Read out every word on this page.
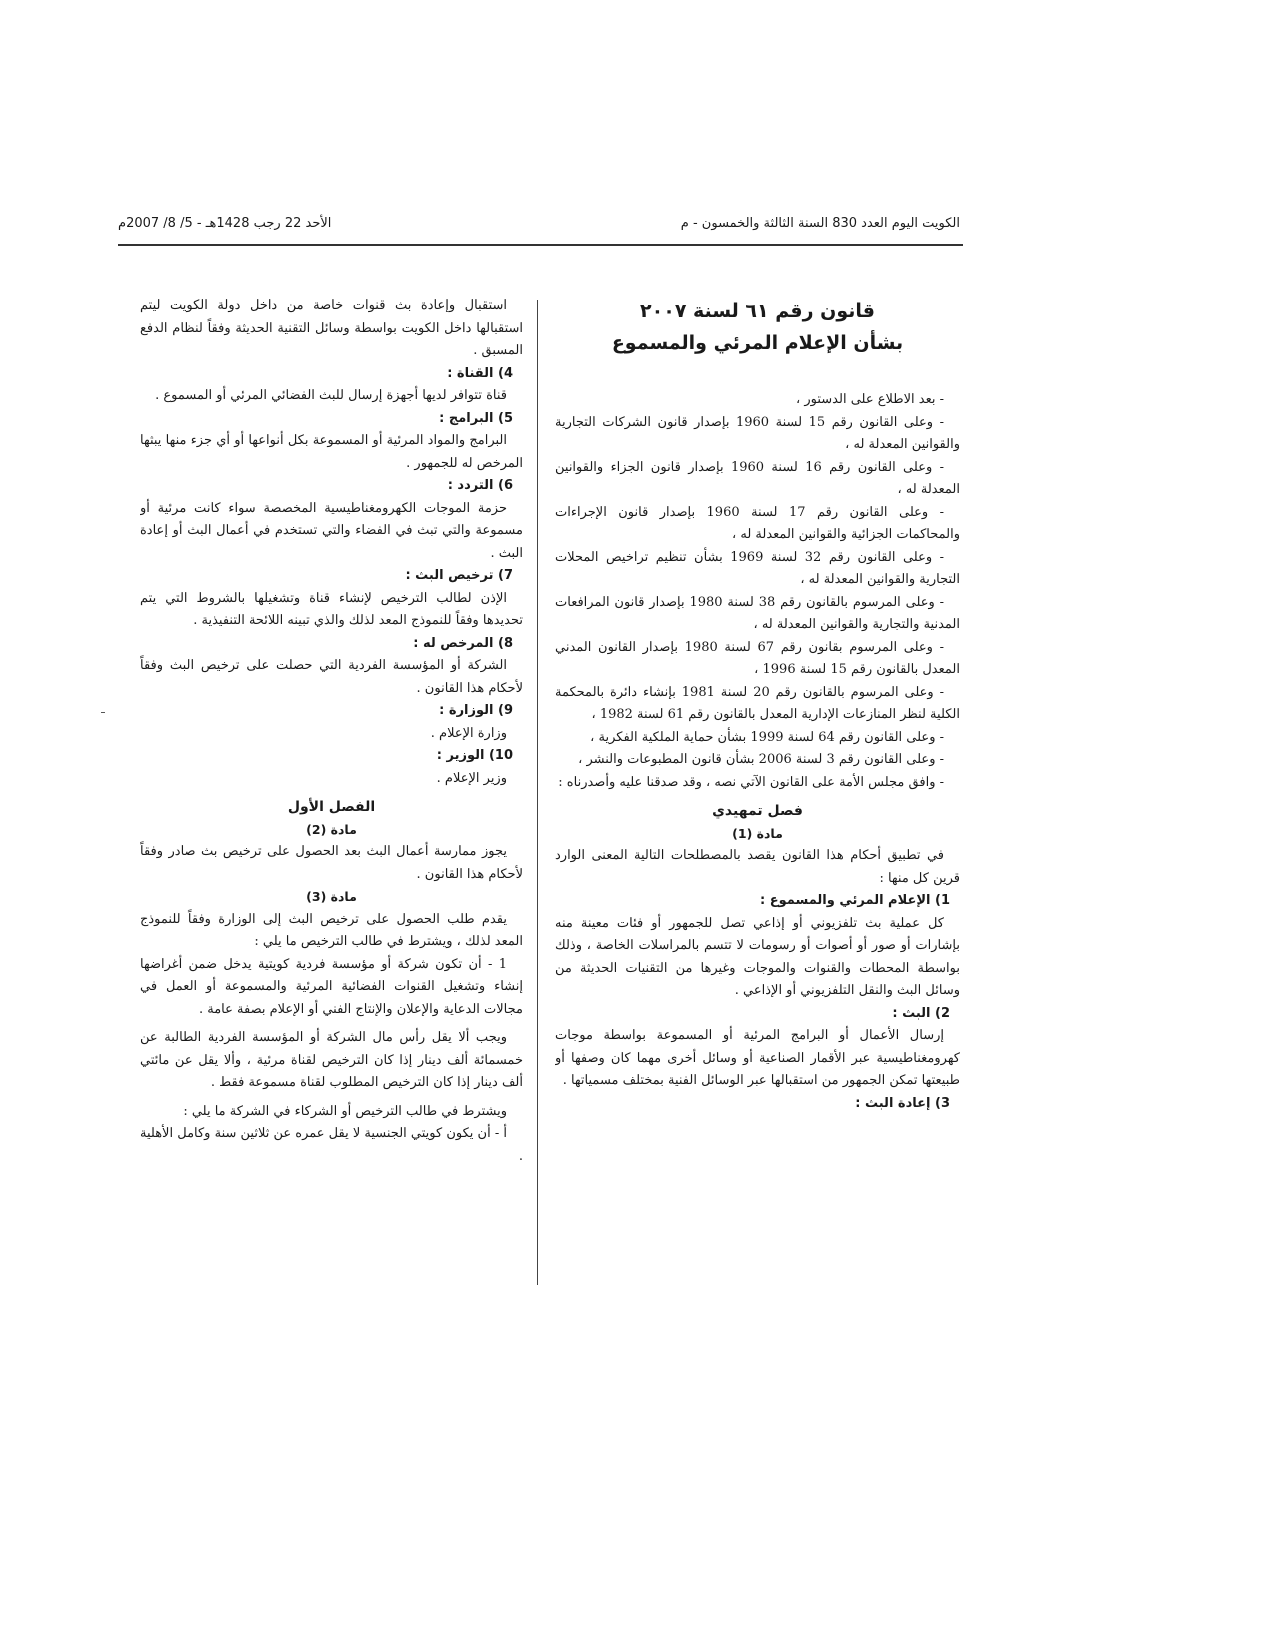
الكويت اليوم العدد 830 السنة الثالثة والخمسون - م
الأحد 22 رجب 1428هـ - 5/ 8/ 2007م

قانون رقم ٦١ لسنة ٢٠٠٧

بشأن الإعلام المرئي والمسموع

- بعد الاطلاع على الدستور ،

- وعلى القانون رقم 15 لسنة 1960 بإصدار قانون الشركات التجارية والقوانين المعدلة له ،

- وعلى القانون رقم 16 لسنة 1960 بإصدار قانون الجزاء والقوانين المعدلة له ،

- وعلى القانون رقم 17 لسنة 1960 بإصدار قانون الإجراءات والمحاكمات الجزائية والقوانين المعدلة له ،

- وعلى القانون رقم 32 لسنة 1969 بشأن تنظيم تراخيص المحلات التجارية والقوانين المعدلة له ،

- وعلى المرسوم بالقانون رقم 38 لسنة 1980 بإصدار قانون المرافعات المدنية والتجارية والقوانين المعدلة له ،

- وعلى المرسوم بقانون رقم 67 لسنة 1980 بإصدار القانون المدني المعدل بالقانون رقم 15 لسنة 1996 ،

- وعلى المرسوم بالقانون رقم 20 لسنة 1981 بإنشاء دائرة بالمحكمة الكلية لنظر المنازعات الإدارية المعدل بالقانون رقم 61 لسنة 1982 ،

- وعلى القانون رقم 64 لسنة 1999 بشأن حماية الملكية الفكرية ،

- وعلى القانون رقم 3 لسنة 2006 بشأن قانون المطبوعات والنشر ،

- وافق مجلس الأمة على القانون الآتي نصه ، وقد صدقنا عليه وأصدرناه :

فصل تمهيدي

مادة (1)

في تطبيق أحكام هذا القانون يقصد بالمصطلحات التالية المعنى الوارد قرين كل منها :

1) الإعلام المرئي والمسموع :

كل عملية بث تلفزيوني أو إذاعي تصل للجمهور أو فئات معينة منه بإشارات أو صور أو أصوات أو رسومات لا تتسم بالمراسلات الخاصة ، وذلك بواسطة المحطات والقنوات والموجات وغيرها من التقنيات الحديثة من وسائل البث والنقل التلفزيوني أو الإذاعي .

2) البث :

إرسال الأعمال أو البرامج المرئية أو المسموعة بواسطة موجات كهرومغناطيسية عبر الأقمار الصناعية أو وسائل أخرى مهما كان وصفها أو طبيعتها تمكن الجمهور من استقبالها عبر الوسائل الفنية بمختلف مسمياتها .

3) إعادة البث :

استقبال وإعادة بث قنوات خاصة من داخل دولة الكويت ليتم استقبالها داخل الكويت بواسطة وسائل التقنية الحديثة وفقاً لنظام الدفع المسبق .

4) القناة :

قناة تتوافر لديها أجهزة إرسال للبث الفضائي المرئي أو المسموع .

5) البرامج :

البرامج والمواد المرئية أو المسموعة بكل أنواعها أو أي جزء منها يبثها المرخص له للجمهور .

6) التردد :

حزمة الموجات الكهرومغناطيسية المخصصة سواء كانت مرئية أو مسموعة والتي تبث في الفضاء والتي تستخدم في أعمال البث أو إعادة البث .

7) ترخيص البث :

الإذن لطالب الترخيص لإنشاء قناة وتشغيلها بالشروط التي يتم تحديدها وفقاً للنموذج المعد لذلك والذي تبينه اللائحة التنفيذية .

8) المرخص له :

الشركة أو المؤسسة الفردية التي حصلت على ترخيص البث وفقاً لأحكام هذا القانون .

9) الوزارة :

وزارة الإعلام .

10) الوزير :

وزير الإعلام .

الفصل الأول

مادة (2)

يجوز ممارسة أعمال البث بعد الحصول على ترخيص بث صادر وفقاً لأحكام هذا القانون .

مادة (3)

يقدم طلب الحصول على ترخيص البث إلى الوزارة وفقاً للنموذج المعد لذلك ، ويشترط في طالب الترخيص ما يلي :

1 - أن تكون شركة أو مؤسسة فردية كويتية يدخل ضمن أغراضها إنشاء وتشغيل القنوات الفضائية المرئية والمسموعة أو العمل في مجالات الدعاية والإعلان والإنتاج الفني أو الإعلام بصفة عامة .

ويجب ألا يقل رأس مال الشركة أو المؤسسة الفردية الطالبة عن خمسمائة ألف دينار إذا كان الترخيص لقناة مرئية ، وألا يقل عن مائتي ألف دينار إذا كان الترخيص المطلوب لقناة مسموعة فقط .

ويشترط في طالب الترخيص أو الشركاء في الشركة ما يلي :

أ - أن يكون كويتي الجنسية لا يقل عمره عن ثلاثين سنة وكامل الأهلية .
